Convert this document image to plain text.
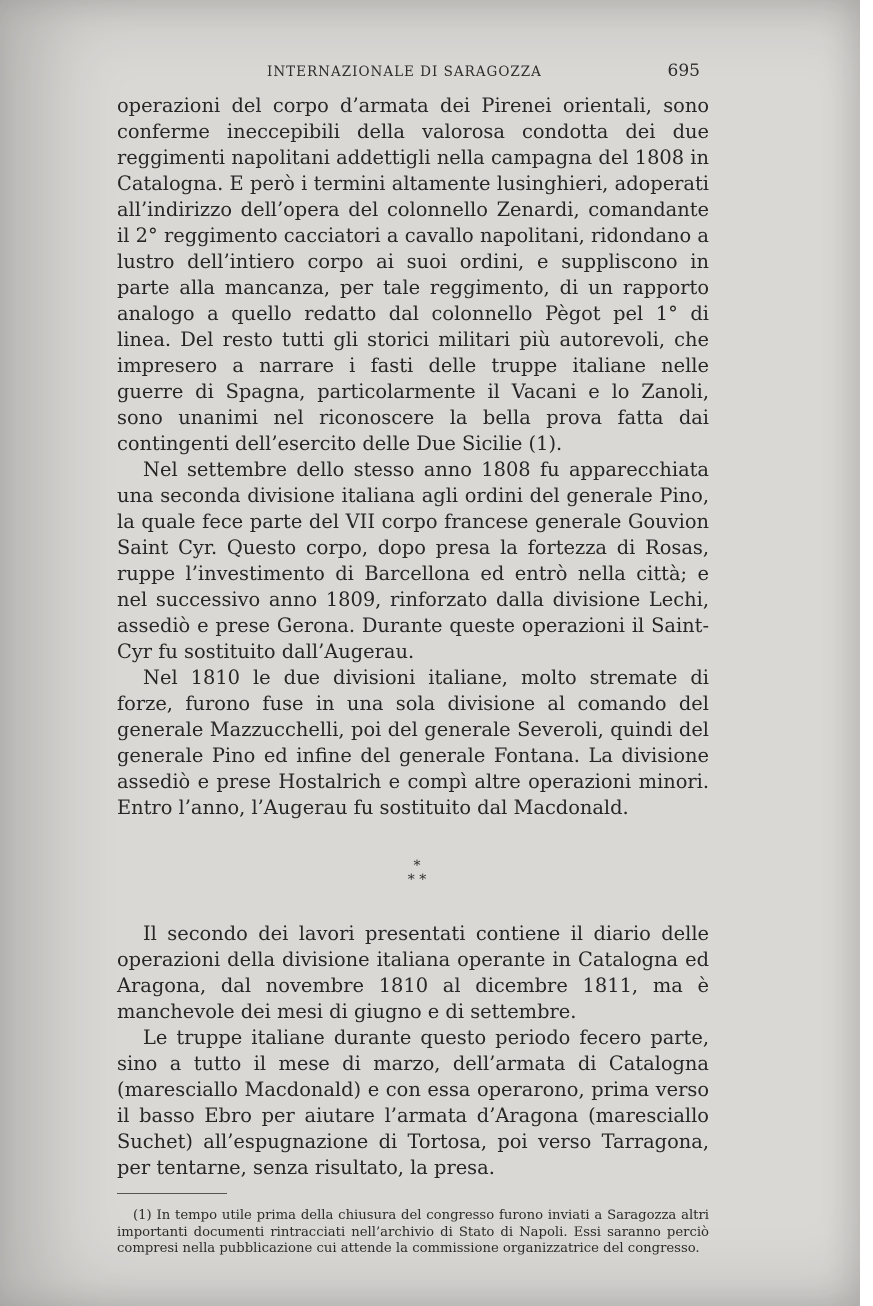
INTERNAZIONALE DI SARAGOZZA	695

operazioni del corpo d’armata dei Pirenei orientali, sono conferme ineccepibili della valorosa condotta dei due reggimenti napolitani addettigli nella campagna del 1808 in Catalogna. E però i termini altamente lusinghieri, adoperati all’indirizzo dell’opera del colonnello Zenardi, comandante il 2° reggimento cacciatori a cavallo napolitani, ridondano a lustro dell’intiero corpo ai suoi ordini, e suppliscono in parte alla mancanza, per tale reggimento, di un rapporto analogo a quello redatto dal colonnello Pègot pel 1° di linea. Del resto tutti gli storici militari più autorevoli, che impresero a narrare i fasti delle truppe italiane nelle guerre di Spagna, particolarmente il Vacani e lo Zanoli, sono unanimi nel riconoscere la bella prova fatta dai contingenti dell’esercito delle Due Sicilie (1).

Nel settembre dello stesso anno 1808 fu apparecchiata una seconda divisione italiana agli ordini del generale Pino, la quale fece parte del VII corpo francese generale Gouvion Saint Cyr. Questo corpo, dopo presa la fortezza di Rosas, ruppe l’investimento di Barcellona ed entrò nella città; e nel successivo anno 1809, rinforzato dalla divisione Lechi, assediò e prese Gerona. Durante queste operazioni il Saint-Cyr fu sostituito dall’Augerau.

Nel 1810 le due divisioni italiane, molto stremate di forze, furono fuse in una sola divisione al comando del generale Mazzucchelli, poi del generale Severoli, quindi del generale Pino ed infine del generale Fontana. La divisione assediò e prese Hostalrich e compì altre operazioni minori. Entro l’anno, l’Augerau fu sostituito dal Macdonald.

*
* *

Il secondo dei lavori presentati contiene il diario delle operazioni della divisione italiana operante in Catalogna ed Aragona, dal novembre 1810 al dicembre 1811, ma è manchevole dei mesi di giugno e di settembre.

Le truppe italiane durante questo periodo fecero parte, sino a tutto il mese di marzo, dell’armata di Catalogna (maresciallo Macdonald) e con essa operarono, prima verso il basso Ebro per aiutare l’armata d’Aragona (maresciallo Suchet) all’espugnazione di Tortosa, poi verso Tarragona, per tentarne, senza risultato, la presa.

(1) In tempo utile prima della chiusura del congresso furono inviati a Saragozza altri importanti documenti rintracciati nell’archivio di Stato di Napoli. Essi saranno perciò compresi nella pubblicazione cui attende la commissione organizzatrice del congresso.
